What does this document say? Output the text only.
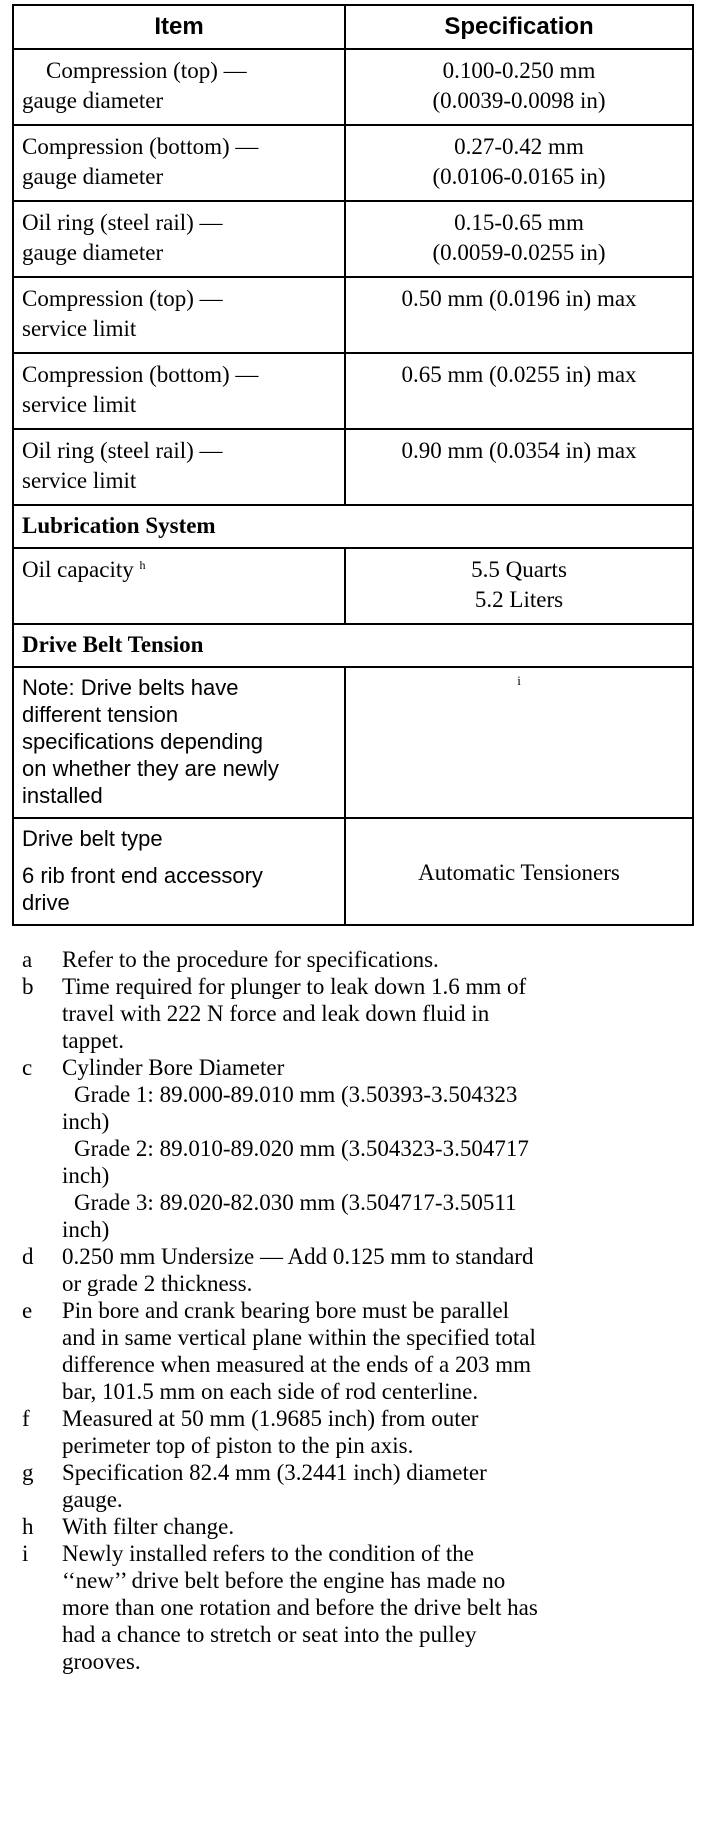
Item	Specification

Compression (top) —
gauge diameter	0.100-0.250 mm
(0.0039-0.0098 in)

Compression (bottom) —
gauge diameter	0.27-0.42 mm
(0.0106-0.0165 in)

Oil ring (steel rail) —
gauge diameter	0.15-0.65 mm
(0.0059-0.0255 in)

Compression (top) —
service limit	0.50 mm (0.0196 in) max

Compression (bottom) —
service limit	0.65 mm (0.0255 in) max

Oil ring (steel rail) —
service limit	0.90 mm (0.0354 in) max

Lubrication System	
Oil capacity $^h$	5.5 Quarts
5.2 Liters

Drive Belt Tension	

Note: Drive belts have
different tension
specifications depending
on whether they are newly
installed	i

Drive belt type
6 rib front end accessory
drive	Automatic Tensioners
a	Refer to the procedure for specifications.
b	Time required for plunger to leak down 1.6 mm of
travel with 222 N force and leak down fluid in
tappet.
c	Cylinder Bore Diameter
Grade 1: 89.000-89.010 mm (3.50393-3.504323
inch)
Grade 2: 89.010-89.020 mm (3.504323-3.504717
inch)
Grade 3: 89.020-82.030 mm (3.504717-3.50511
inch)
d	0.250 mm Undersize — Add 0.125 mm to standard
or grade 2 thickness.
e	Pin bore and crank bearing bore must be parallel
and in same vertical plane within the specified total
difference when measured at the ends of a 203 mm
bar, 101.5 mm on each side of rod centerline.
f	Measured at 50 mm (1.9685 inch) from outer
perimeter top of piston to the pin axis.
g	Specification 82.4 mm (3.2441 inch) diameter
gauge.
h	With filter change.
i	Newly installed refers to the condition of the
‘‘new’’ drive belt before the engine has made no
more than one rotation and before the drive belt has
had a chance to stretch or seat into the pulley
grooves.
